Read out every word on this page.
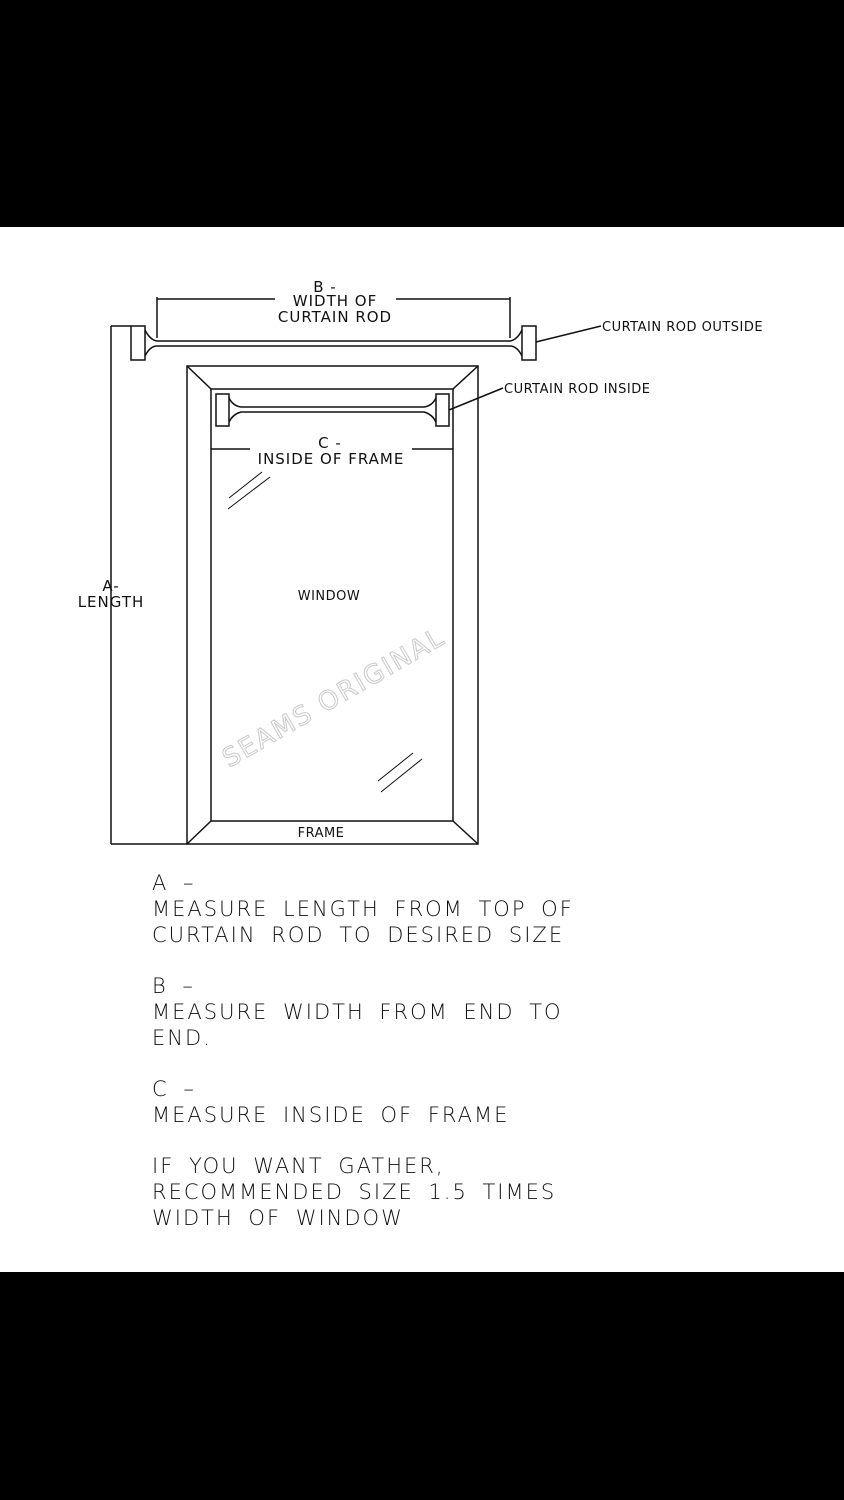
B -
WIDTH OF
CURTAIN ROD
CURTAIN ROD OUTSIDE
CURTAIN ROD INSIDE
C -
INSIDE OF FRAME
A-
LENGTH	WINDOW
FRAME
SEAMS ORIGINAL
A –
MEASURE LENGTH FROM TOP OF
CURTAIN ROD TO DESIRED SIZE
B –
MEASURE WIDTH FROM END TO
END.
C –
MEASURE INSIDE OF FRAME
IF YOU WANT GATHER,
RECOMMENDED SIZE 1.5 TIMES
WIDTH OF WINDOW
